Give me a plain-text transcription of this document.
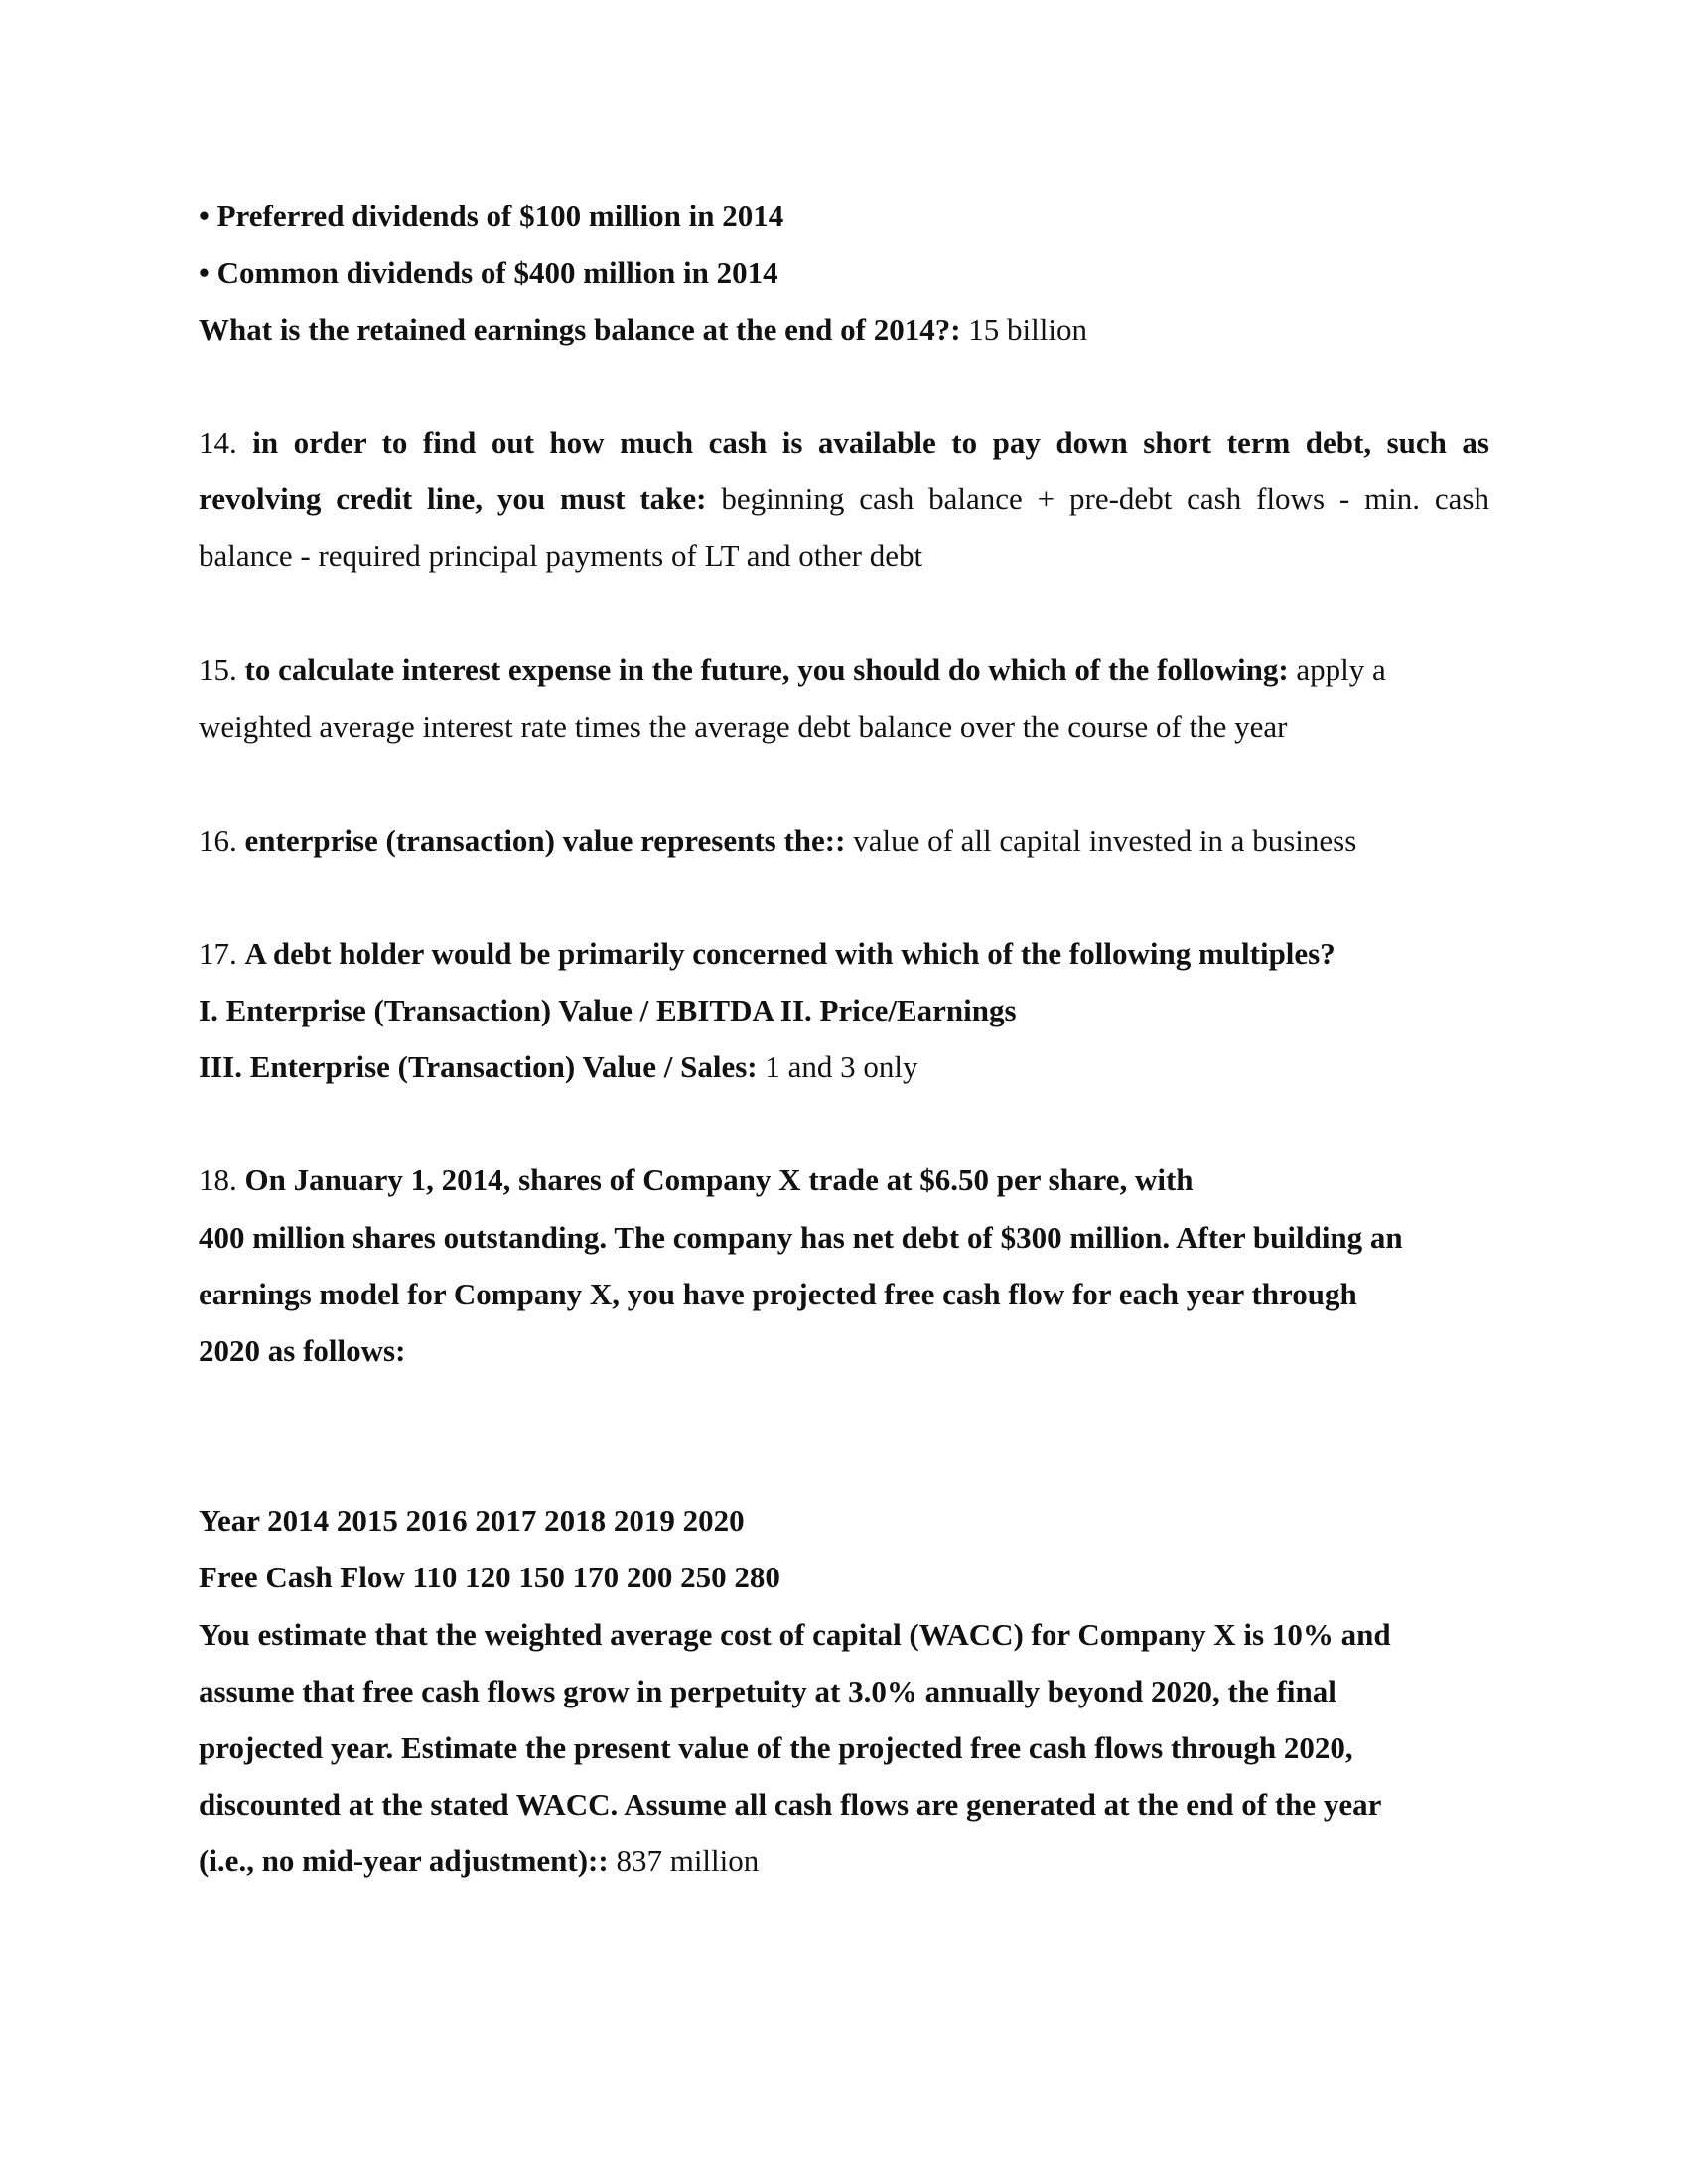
• Preferred dividends of $100 million in 2014
• Common dividends of $400 million in 2014
What is the retained earnings balance at the end of 2014?: 15 billion
14. in order to find out how much cash is available to pay down short term debt, such as
revolving credit line, you must take: beginning cash balance + pre-debt cash flows - min. cash
balance - required principal payments of LT and other debt
15. to calculate interest expense in the future, you should do which of the following: apply a
weighted average interest rate times the average debt balance over the course of the year
16. enterprise (transaction) value represents the:: value of all capital invested in a business
17. A debt holder would be primarily concerned with which of the following multiples?
I. Enterprise (Transaction) Value / EBITDA II. Price/Earnings
III. Enterprise (Transaction) Value / Sales: 1 and 3 only
18. On January 1, 2014, shares of Company X trade at $6.50 per share, with
400 million shares outstanding. The company has net debt of $300 million. After building an
earnings model for Company X, you have projected free cash flow for each year through
2020 as follows:
Year 2014 2015 2016 2017 2018 2019 2020
Free Cash Flow 110 120 150 170 200 250 280
You estimate that the weighted average cost of capital (WACC) for Company X is 10% and
assume that free cash flows grow in perpetuity at 3.0% annually beyond 2020, the final
projected year. Estimate the present value of the projected free cash flows through 2020,
discounted at the stated WACC. Assume all cash flows are generated at the end of the year
(i.e., no mid-year adjustment):: 837 million
